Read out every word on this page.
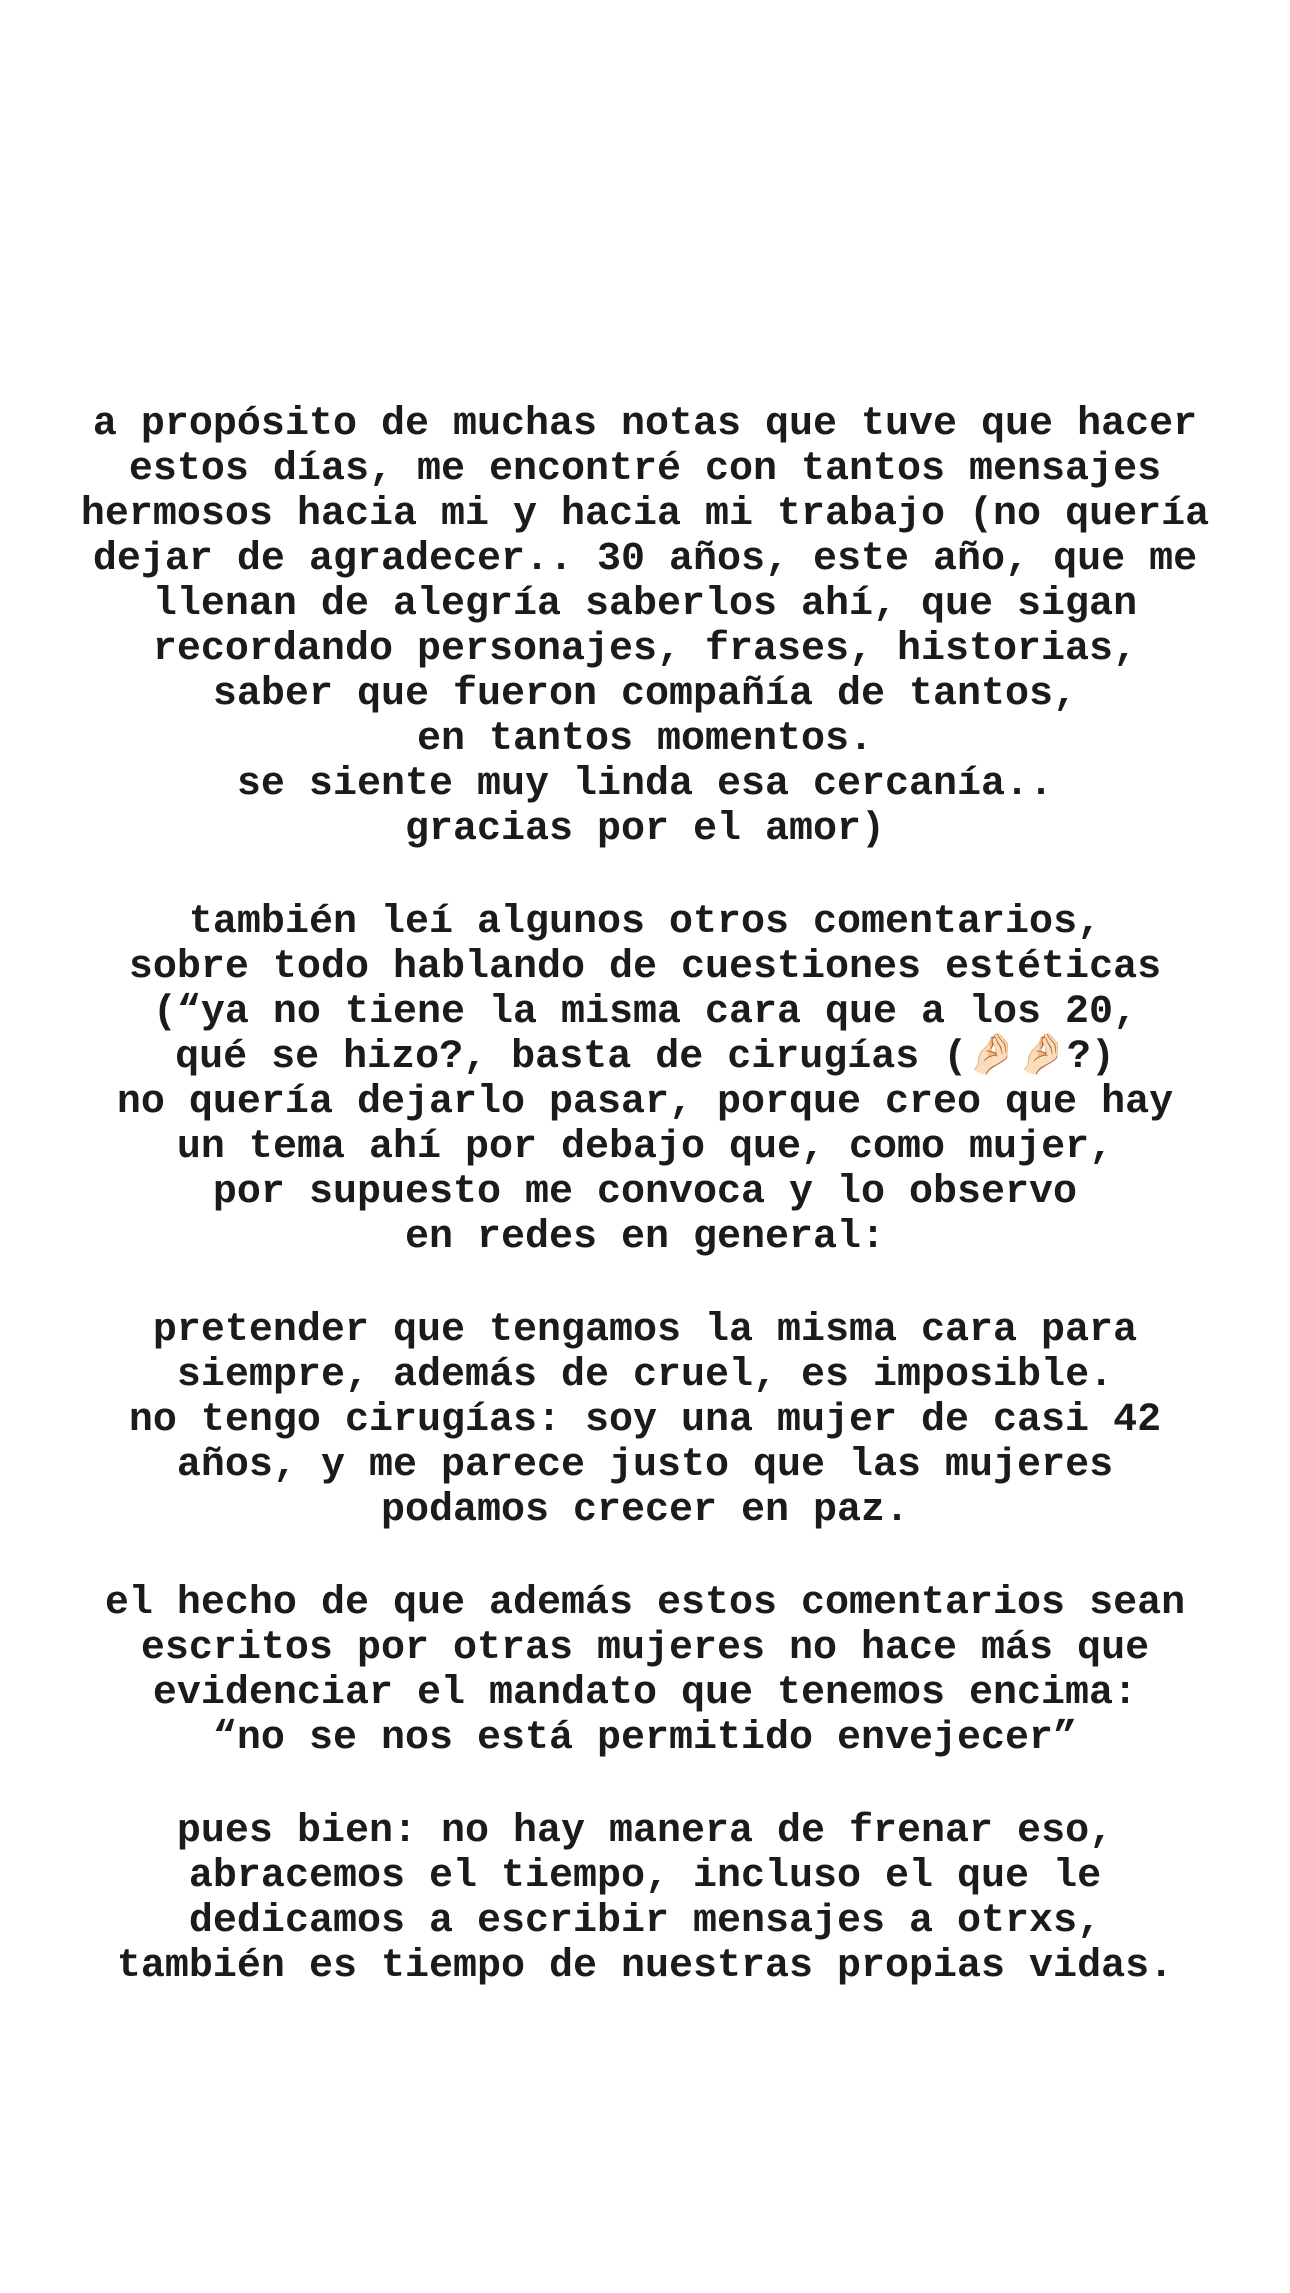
a propósito de muchas notas que tuve que hacer
estos días, me encontré con tantos mensajes
hermosos hacia mi y hacia mi trabajo (no quería
dejar de agradecer.. 30 años, este año, que me
llenan de alegría saberlos ahí, que sigan
recordando personajes, frases, historias,
saber que fueron compañía de tantos,
en tantos momentos.
se siente muy linda esa cercanía..
gracias por el amor)
también leí algunos otros comentarios,
sobre todo hablando de cuestiones estéticas
(“ya no tiene la misma cara que a los 20,
qué se hizo?, basta de cirugías (🤌🏻🤌🏻?)
no quería dejarlo pasar, porque creo que hay
un tema ahí por debajo que, como mujer,
por supuesto me convoca y lo observo
en redes en general:
pretender que tengamos la misma cara para
siempre, además de cruel, es imposible.
no tengo cirugías: soy una mujer de casi 42
años, y me parece justo que las mujeres
podamos crecer en paz.
el hecho de que además estos comentarios sean
escritos por otras mujeres no hace más que
evidenciar el mandato que tenemos encima:
“no se nos está permitido envejecer”
pues bien: no hay manera de frenar eso,
abracemos el tiempo, incluso el que le
dedicamos a escribir mensajes a otrxs,
también es tiempo de nuestras propias vidas.
